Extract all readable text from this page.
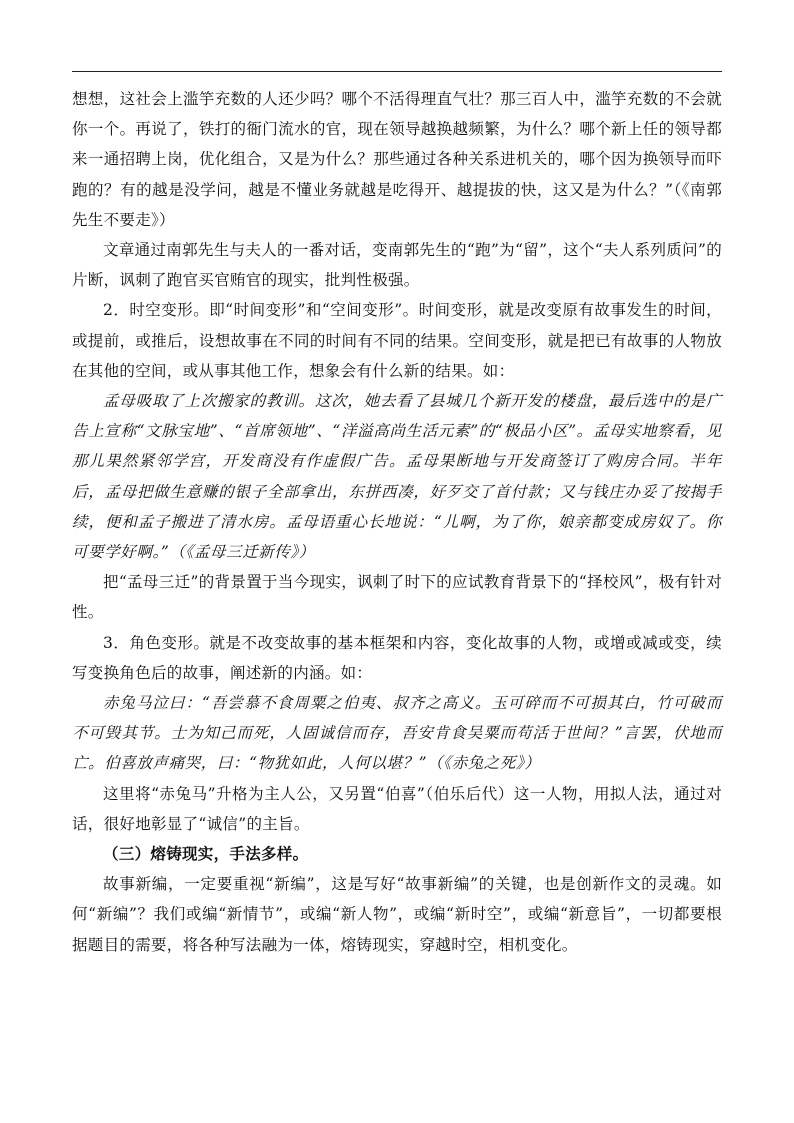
想想，这社会上滥竽充数的人还少吗？哪个不活得理直气壮？那三百人中，滥竽充数的不会就你一个。再说了，铁打的衙门流水的官，现在领导越换越频繁，为什么？哪个新上任的领导都来一通招聘上岗，优化组合，又是为什么？那些通过各种关系进机关的，哪个因为换领导而吓跑的？有的越是没学问，越是不懂业务就越是吃得开、越提拔的快，这又是为什么？”（《南郭先生不要走》）

文章通过南郭先生与夫人的一番对话，变南郭先生的“跑”为“留”，这个“夫人系列质问”的片断，讽刺了跑官买官贿官的现实，批判性极强。

2．时空变形。即“时间变形”和“空间变形”。时间变形，就是改变原有故事发生的时间，或提前，或推后，设想故事在不同的时间有不同的结果。空间变形，就是把已有故事的人物放在其他的空间，或从事其他工作，想象会有什么新的结果。如：

孟母吸取了上次搬家的教训。这次，她去看了县城几个新开发的楼盘，最后选中的是广告上宣称“文脉宝地”、“首席领地”、“洋溢高尚生活元素”的“极品小区”。孟母实地察看，见那儿果然紧邻学宫，开发商没有作虚假广告。孟母果断地与开发商签订了购房合同。半年后，孟母把做生意赚的银子全部拿出，东拼西凑，好歹交了首付款；又与钱庄办妥了按揭手续，便和孟子搬进了清水房。孟母语重心长地说：“儿啊，为了你，娘亲都变成房奴了。你可要学好啊。”（《孟母三迁新传》）

把“孟母三迁”的背景置于当今现实，讽刺了时下的应试教育背景下的“择校风”，极有针对性。

3．角色变形。就是不改变故事的基本框架和内容，变化故事的人物，或增或减或变，续写变换角色后的故事，阐述新的内涵。如：

赤兔马泣曰：“吾尝慕不食周粟之伯夷、叔齐之高义。玉可碎而不可损其白，竹可破而不可毁其节。士为知己而死，人固诚信而存，吾安肯食吴粟而苟活于世间？”言罢，伏地而亡。伯喜放声痛哭，曰：“物犹如此，人何以堪？”（《赤兔之死》）

这里将“赤兔马”升格为主人公，又另置“伯喜”（伯乐后代）这一人物，用拟人法，通过对话，很好地彰显了“诚信”的主旨。

（三）熔铸现实，手法多样。

故事新编，一定要重视“新编”，这是写好“故事新编”的关键，也是创新作文的灵魂。如何“新编”？我们或编“新情节”，或编“新人物”，或编“新时空”，或编“新意旨”，一切都要根据题目的需要，将各种写法融为一体，熔铸现实，穿越时空，相机变化。
